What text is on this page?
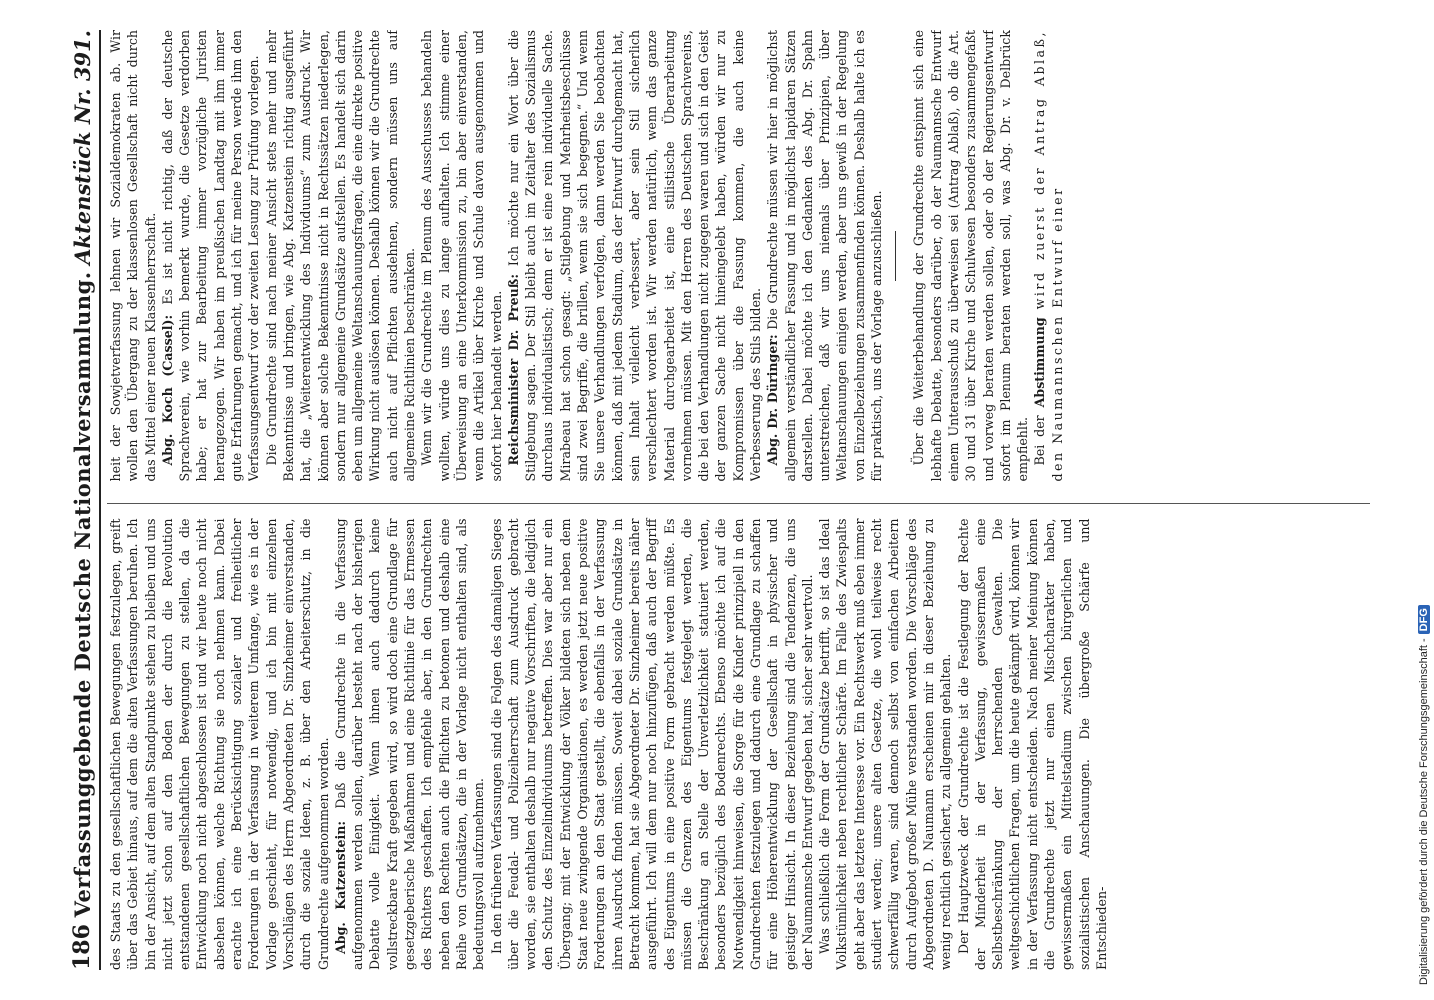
186
Verfassunggebende Deutsche Nationalversammlung.
Aktenstück Nr. 391.

des Staats zu den gesellschaftlichen Bewegungen festzulegen, greift über das Gebiet hinaus, auf dem die alten Verfassungen beruhen. Ich bin der Ansicht, auf dem alten Standpunkte stehen zu bleiben und uns nicht jetzt schon auf den Boden der durch die Revolution entstandenen gesellschaftlichen Bewegungen zu stellen, da die Entwicklung noch nicht abgeschlossen ist und wir heute noch nicht absehen können, welche Richtung sie noch nehmen kann. Dabei erachte ich eine Berücksichtigung sozialer und freiheitlicher Forderungen in der Verfassung in weiterem Umfange, wie es in der Vorlage geschieht, für notwendig, und ich bin mit einzelnen Vorschlägen des Herrn Abgeordneten Dr. Sinzheimer einverstanden, durch die soziale Ideen, z. B. über den Arbeiterschutz, in die Grundrechte aufgenommen worden. Abg. Katzenstein: Daß die Grundrechte in die Verfassung aufgenommen werden sollen, darüber besteht nach der bisherigen Debatte volle Einigkeit. Wenn ihnen auch dadurch keine vollstreckbare Kraft gegeben wird, so wird doch eine Grundlage für gesetzgeberische Maßnahmen und eine Richtlinie für das Ermessen des Richters geschaffen. Ich empfehle aber, in den Grundrechten neben den Rechten auch die Pflichten zu betonen und deshalb eine Reihe von Grundsätzen, die in der Vorlage nicht enthalten sind, als bedeutungsvoll aufzunehmen. In den früheren Verfassungen sind die Folgen des damaligen Sieges über die Feudal- und Polizeiherrschaft zum Ausdruck gebracht worden, sie enthalten deshalb nur negative Vorschriften, die lediglich den Schutz des Einzelindividuums betreffen. Dies war aber nur ein Übergang; mit der Entwicklung der Völker bildeten sich neben dem Staat neue zwingende Organisationen, es werden jetzt neue positive Forderungen an den Staat gestellt, die ebenfalls in der Verfassung ihren Ausdruck finden müssen. Soweit dabei soziale Grundsätze in Betracht kommen, hat sie Abgeordneter Dr. Sinzheimer bereits näher ausgeführt. Ich will dem nur noch hinzufügen, daß auch der Begriff des Eigentums in eine positive Form gebracht werden müßte. Es müssen die Grenzen des Eigentums festgelegt werden, die Beschränkung an Stelle der Unverletzlichkeit statuiert werden, besonders bezüglich des Bodenrechts. Ebenso möchte ich auf die Notwendigkeit hinweisen, die Sorge für die Kinder prinzipiell in den Grundrechten festzulegen und dadurch eine Grundlage zu schaffen für eine Höherentwicklung der Gesellschaft in physischer und geistiger Hinsicht. In dieser Beziehung sind die Tendenzen, die uns der Naumannsche Entwurf gegeben hat, sicher sehr wertvoll. Was schließlich die Form der Grundsätze betrifft, so ist das Ideal Volkstümlichkeit neben rechtlicher Schärfe. Im Falle des Zwiespalts geht aber das letztere Interesse vor. Ein Rechtswerk muß eben immer studiert werden; unsere alten Gesetze, die wohl teilweise recht schwerfällig waren, sind dennoch selbst von einfachen Arbeitern durch Aufgebot großer Mühe verstanden worden. Die Vorschläge des Abgeordneten D. Naumann erscheinen mir in dieser Beziehung zu wenig rechtlich gesichert, zu allgemein gehalten. Der Hauptzweck der Grundrechte ist die Festlegung der Rechte der Minderheit in der Verfassung, gewissermaßen eine Selbstbeschränkung der herrschenden Gewalten. Die weltgeschichtlichen Fragen, um die heute gekämpft wird, können wir in der Verfassung nicht entscheiden. Nach meiner Meinung können die Grundrechte jetzt nur einen Mischcharakter haben, gewissermaßen ein Mittelstadium zwischen bürgerlichen und sozialistischen Anschauungen. Die übergroße Schärfe und Entschieden-

heit der Sowjetverfassung lehnen wir Sozialdemokraten ab. Wir wollen den Übergang zu der klassenlosen Gesellschaft nicht durch das Mittel einer neuen Klassenherrschaft. Abg. Koch (Cassel): Es ist nicht richtig, daß der deutsche Sprachverein, wie vorhin bemerkt wurde, die Gesetze verdorben habe; er hat zur Bearbeitung immer vorzügliche Juristen herangezogen. Wir haben im preußischen Landtag mit ihm immer gute Erfahrungen gemacht, und ich für meine Person werde ihm den Verfassungsentwurf vor der zweiten Lesung zur Prüfung vorlegen. Die Grundrechte sind nach meiner Ansicht stets mehr und mehr Bekenntnisse und bringen, wie Abg. Katzenstein richtig ausgeführt hat, die „Weiterentwicklung des Individuums“ zum Ausdruck. Wir können aber solche Bekenntnisse nicht in Rechtssätzen niederlegen, sondern nur allgemeine Grundsätze aufstellen. Es handelt sich darin eben um allgemeine Weltanschauungsfragen, die eine direkte positive Wirkung nicht auslösen können. Deshalb können wir die Grundrechte auch nicht auf Pflichten ausdehnen, sondern müssen uns auf allgemeine Richtlinien beschränken. Wenn wir die Grundrechte im Plenum des Ausschusses behandeln wollten, würde uns dies zu lange aufhalten. Ich stimme einer Überweisung an eine Unterkommission zu, bin aber einverstanden, wenn die Artikel über Kirche und Schule davon ausgenommen und sofort hier behandelt werden. Reichsminister Dr. Preuß: Ich möchte nur ein Wort über die Stilgebung sagen. Der Stil bleibt auch im Zeitalter des Sozialismus durchaus individualistisch; denn er ist eine rein individuelle Sache. Mirabeau hat schon gesagt: „Stilgebung und Mehrheitsbeschlüsse sind zwei Begriffe, die brillen, wenn sie sich begegnen.“ Und wenn Sie unsere Verhandlungen verfolgen, dann werden Sie beobachten können, daß mit jedem Stadium, das der Entwurf durchgemacht hat, sein Inhalt vielleicht verbessert, aber sein Stil sicherlich verschlechtert worden ist. Wir werden natürlich, wenn das ganze Material durchgearbeitet ist, eine stilistische Überarbeitung vornehmen müssen. Mit den Herren des Deutschen Sprachvereins, die bei den Verhandlungen nicht zugegen waren und sich in den Geist der ganzen Sache nicht hineingelebt haben, würden wir nur zu Kompromissen über die Fassung kommen, die auch keine Verbesserung des Stils bilden. Abg. Dr. Düringer: Die Grundrechte müssen wir hier in möglichst allgemein verständlicher Fassung und in möglichst lapidaren Sätzen darstellen. Dabei möchte ich den Gedanken des Abg. Dr. Spahn unterstreichen, daß wir uns niemals über Prinzipien, über Weltanschauungen einigen werden, aber uns gewiß in der Regelung von Einzelbeziehungen zusammenfinden können. Deshalb halte ich es für praktisch, uns der Vorlage anzuschließen. Über die Weiterbehandlung der Grundrechte entspinnt sich eine lebhafte Debatte, besonders darüber, ob der Naumannsche Entwurf einem Unterausschuß zu überweisen sei (Antrag Ablaß), ob die Art. 30 und 31 über Kirche und Schulwesen besonders zusammengefaßt und vorweg beraten werden sollen, oder ob der Regierungsentwurf sofort im Plenum beraten werden soll, was Abg. Dr. v. Delbrück empfiehlt. Bei der Abstimmung wird zuerst der Antrag Ablaß, den Naumannschen Entwurf einer

Digitalisierung gefördert durch die Deutsche Forschungsgemeinschaft -DFG
